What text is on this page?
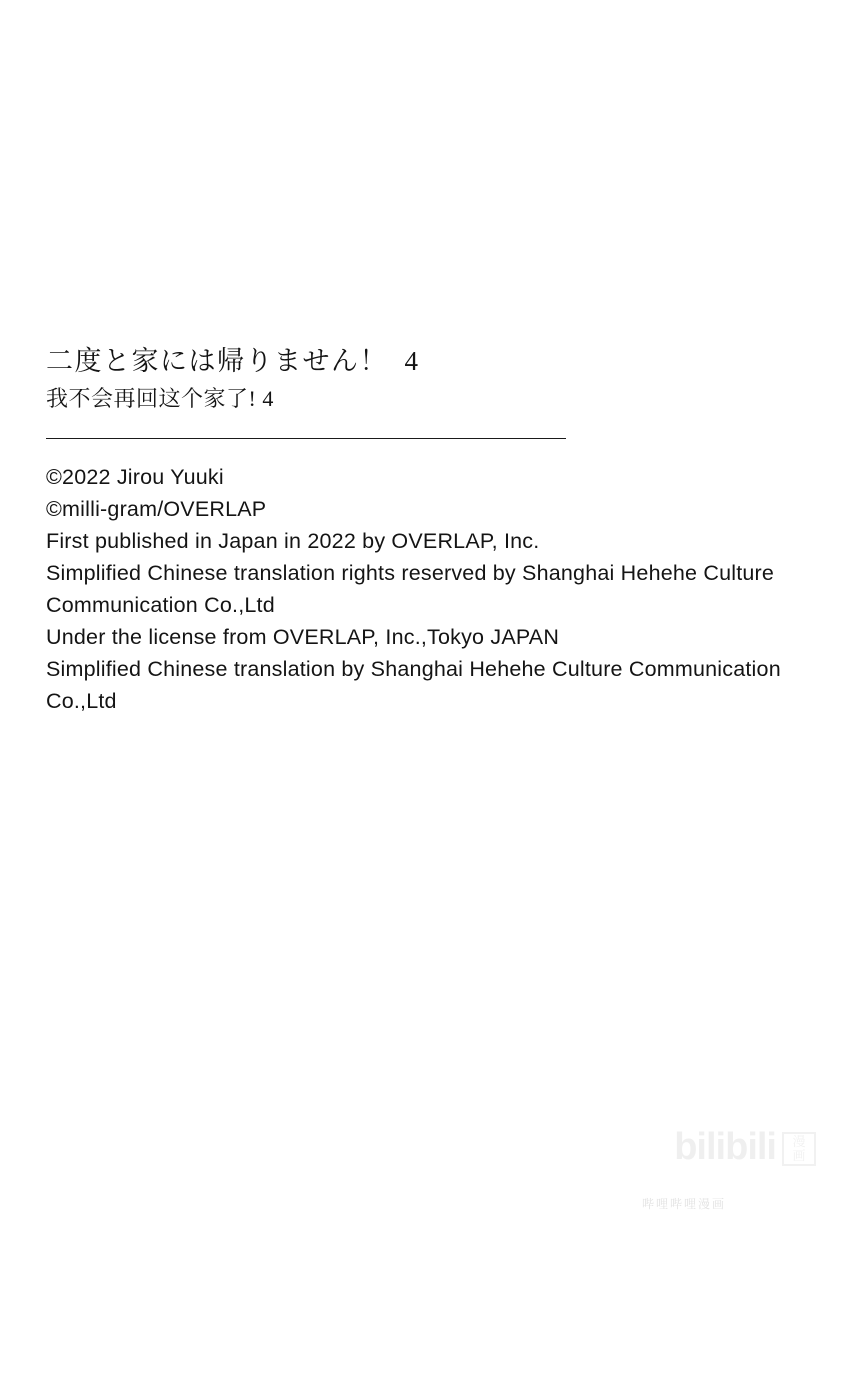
二度と家には帰りません！  4
我不会再回这个家了! 4
©2022 Jirou Yuuki
©milli-gram/OVERLAP
First published in Japan in 2022 by OVERLAP, Inc.
Simplified Chinese translation rights reserved by Shanghai Hehehe Culture Communication Co.,Ltd
Under the license from OVERLAP, Inc.,Tokyo JAPAN
Simplified Chinese translation by Shanghai Hehehe Culture Communication Co.,Ltd
bilibili 漫
画
哔哩哔哩漫画
